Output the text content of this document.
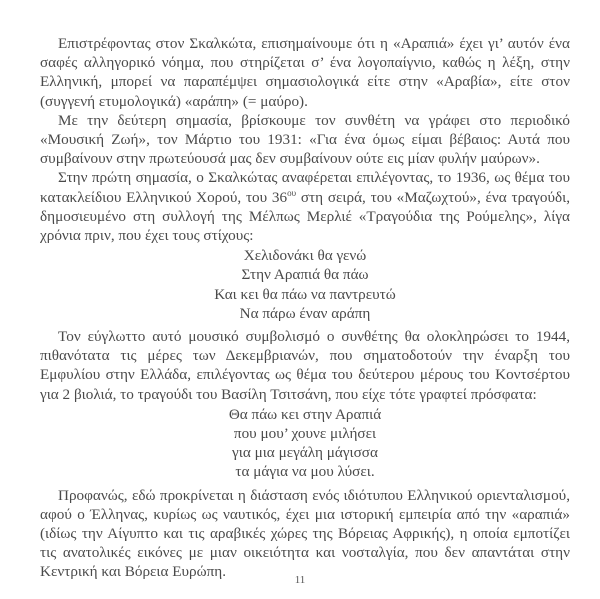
Επιστρέφοντας στον Σκαλκώτα, επισημαίνουμε ότι η «Αραπιά» έχει γι’ αυτόν ένα σαφές αλληγορικό νόημα, που στηρίζεται σ’ ένα λογοπαίγνιο, καθώς η λέξη, στην Ελληνική, μπορεί να παραπέμψει σημασιολογικά είτε στην «Αραβία», είτε στον (συγγενή ετυμολογικά) «αράπη» (= μαύρο).

Με την δεύτερη σημασία, βρίσκουμε τον συνθέτη να γράφει στο περιοδικό «Μουσική Ζωή», τον Μάρτιο του 1931: «Για ένα όμως είμαι βέβαιος: Αυτά που συμβαίνουν στην πρωτεύουσά μας δεν συμβαίνουν ούτε εις μίαν φυλήν μαύρων».

Στην πρώτη σημασία, ο Σκαλκώτας αναφέρεται επιλέγοντας, το 1936, ως θέμα του κατακλείδιου Ελληνικού Χορού, του $36^{o\upsilon}$ στη σειρά, του «Μαζωχτού», ένα τραγούδι, δημοσιευμένο στη συλλογή της Μέλπως Μερλιέ «Τραγούδια της Ρούμελης», λίγα χρόνια πριν, που έχει τους στίχους:

Χελιδονάκι θα γενώ
Στην Αραπιά θα πάω
Και κει θα πάω να παντρευτώ
Να πάρω έναν αράπη

Τον εύγλωττο αυτό μουσικό συμβολισμό ο συνθέτης θα ολοκληρώσει το 1944, πιθανότατα τις μέρες των Δεκεμβριανών, που σηματοδοτούν την έναρξη του Εμφυλίου στην Ελλάδα, επιλέγοντας ως θέμα του δεύτερου μέρους του Κοντσέρτου για 2 βιολιά, το τραγούδι του Βασίλη Τσιτσάνη, που είχε τότε γραφτεί πρόσφατα:

Θα πάω κει στην Αραπιά
που μου’ χουνε μιλήσει
για μια μεγάλη μάγισσα
τα μάγια να μου λύσει.

Προφανώς, εδώ προκρίνεται η διάσταση ενός ιδιότυπου Ελληνικού οριενταλισμού, αφού ο Έλληνας, κυρίως ως ναυτικός, έχει μια ιστορική εμπειρία από την «αραπιά» (ιδίως την Αίγυπτο και τις αραβικές χώρες της Βόρειας Αφρικής), η οποία εμποτίζει τις ανατολικές εικόνες με μιαν οικειότητα και νοσταλγία, που δεν απαντάται στην Κεντρική και Βόρεια Ευρώπη.	11
